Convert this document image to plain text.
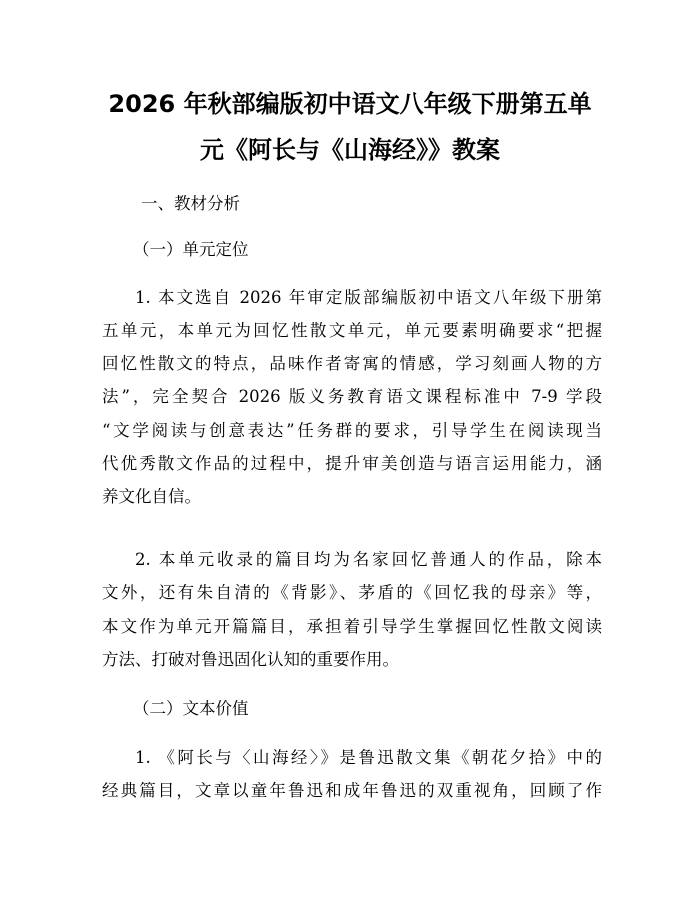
2026 年秋部编版初中语文八年级下册第五单
元《阿长与《山海经》》教案
一、教材分析
（一）单元定位
1. 本文选自 2026 年审定版部编版初中语文八年级下册第
五单元，本单元为回忆性散文单元，单元要素明确要求“把握
回忆性散文的特点，品味作者寄寓的情感，学习刻画人物的方
法”，完全契合 2026 版义务教育语文课程标准中 7-9 学段
“文学阅读与创意表达”任务群的要求，引导学生在阅读现当
代优秀散文作品的过程中，提升审美创造与语言运用能力，涵
养文化自信。
2. 本单元收录的篇目均为名家回忆普通人的作品，除本
文外，还有朱自清的《背影》、茅盾的《回忆我的母亲》等，
本文作为单元开篇篇目，承担着引导学生掌握回忆性散文阅读
方法、打破对鲁迅固化认知的重要作用。
（二）文本价值
1. 《阿长与〈山海经〉》是鲁迅散文集《朝花夕拾》中的
经典篇目，文章以童年鲁迅和成年鲁迅的双重视角，回顾了作
